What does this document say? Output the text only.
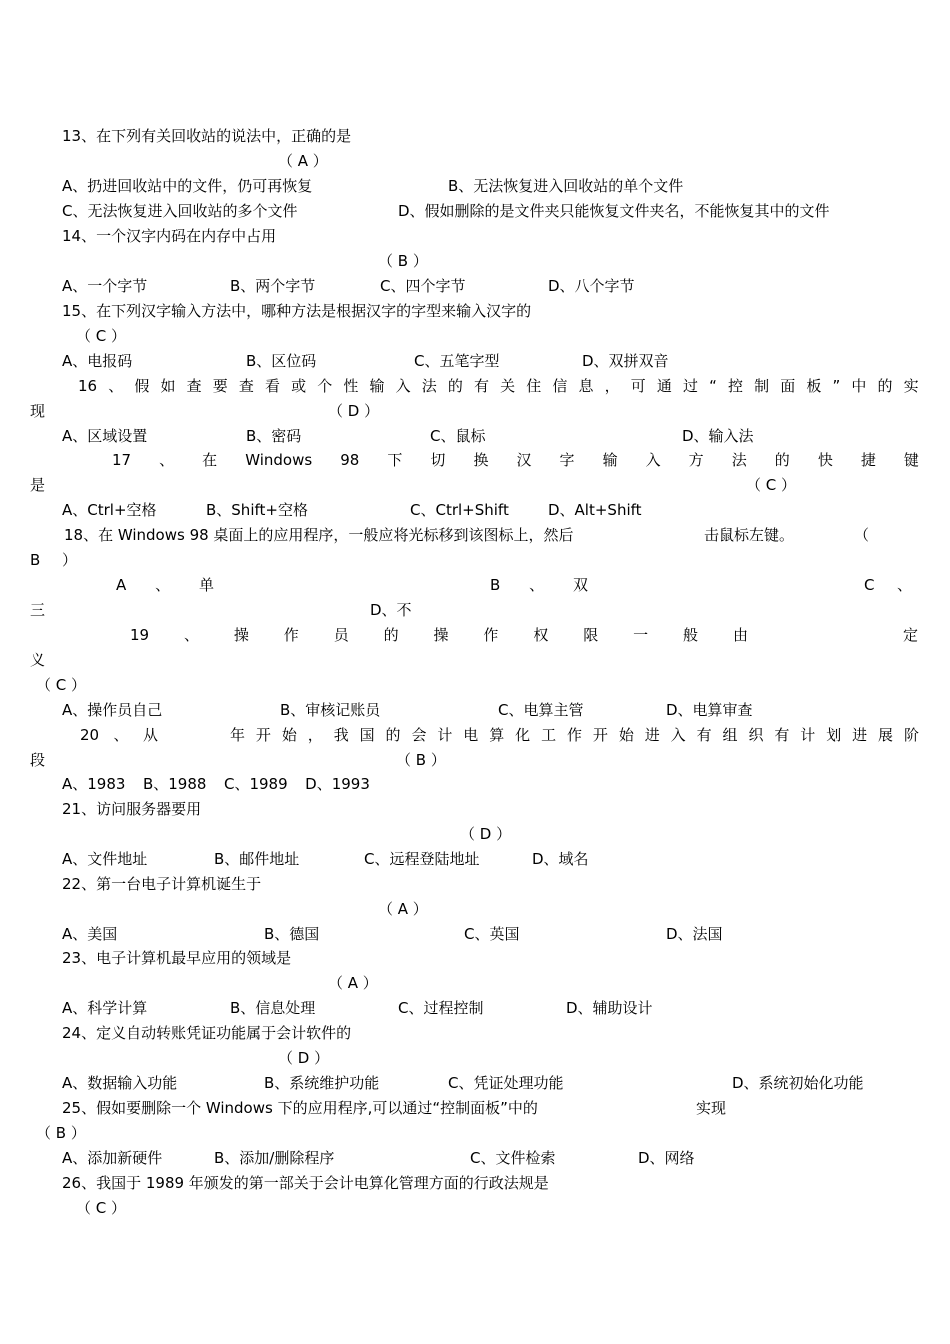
13、在下列有关回收站的说法中，正确的是
（ A ）
A、扔进回收站中的文件，仍可再恢复	B、无法恢复进入回收站的单个文件
C、无法恢复进入回收站的多个文件	D、假如删除的是文件夹只能恢复文件夹名，不能恢复其中的文件
14、一个汉字内码在内存中占用
（ B ）
A、一个字节	B、两个字节	C、四个字节	D、八个字节
15、在下列汉字输入方法中，哪种方法是根据汉字的字型来输入汉字的
（ C ）
A、电报码	B、区位码	C、五笔字型	D、双拼双音
16 、 假 如 查 要 查 看 或 个 性 输 入 法 的 有 关 住 信 息 ， 可 通 过 “ 控 制 面 板 ” 中 的 实
现	（ D ）
A、区域设置	B、密码	C、鼠标	D、输入法
17 、 在 Windows 98 下 切 换 汉 字 输 入 方 法 的 快 捷 键
是	（ C ）
A、Ctrl+空格	B、Shift+空格	C、Ctrl+Shift	D、Alt+Shift
18、在 Windows 98 桌面上的应用程序，一般应将光标移到该图标上，然后	击鼠标左键。	（
B ）
A 、 单	B 、 双	C 、
三	D、不
19 、 操 作 员 的 操 作 权 限 一 般 由	定
义
（ C ）
A、操作员自己	B、审核记账员	C、电算主管	D、电算审查
20 、 从	年 开 始 ， 我 国 的 会 计 电 算 化 工 作 开 始 进 入 有 组 织 有 计 划 进 展 阶
段	（ B ）
A、1983  B、1988  C、1989  D、1993
21、访问服务器要用
（ D ）
A、文件地址	B、邮件地址	C、远程登陆地址	D、域名
22、第一台电子计算机诞生于
（ A ）
A、美国	B、德国	C、英国	D、法国
23、电子计算机最早应用的领域是
（ A ）
A、科学计算	B、信息处理	C、过程控制	D、辅助设计
24、定义自动转账凭证功能属于会计软件的
（ D ）
A、数据输入功能	B、系统维护功能	C、凭证处理功能	D、系统初始化功能
25、假如要删除一个 Windows 下的应用程序,可以通过“控制面板”中的	实现
（ B ）
A、添加新硬件	B、添加/删除程序	C、文件检索	D、网络
26、我国于 1989 年颁发的第一部关于会计电算化管理方面的行政法规是
（ C ）
